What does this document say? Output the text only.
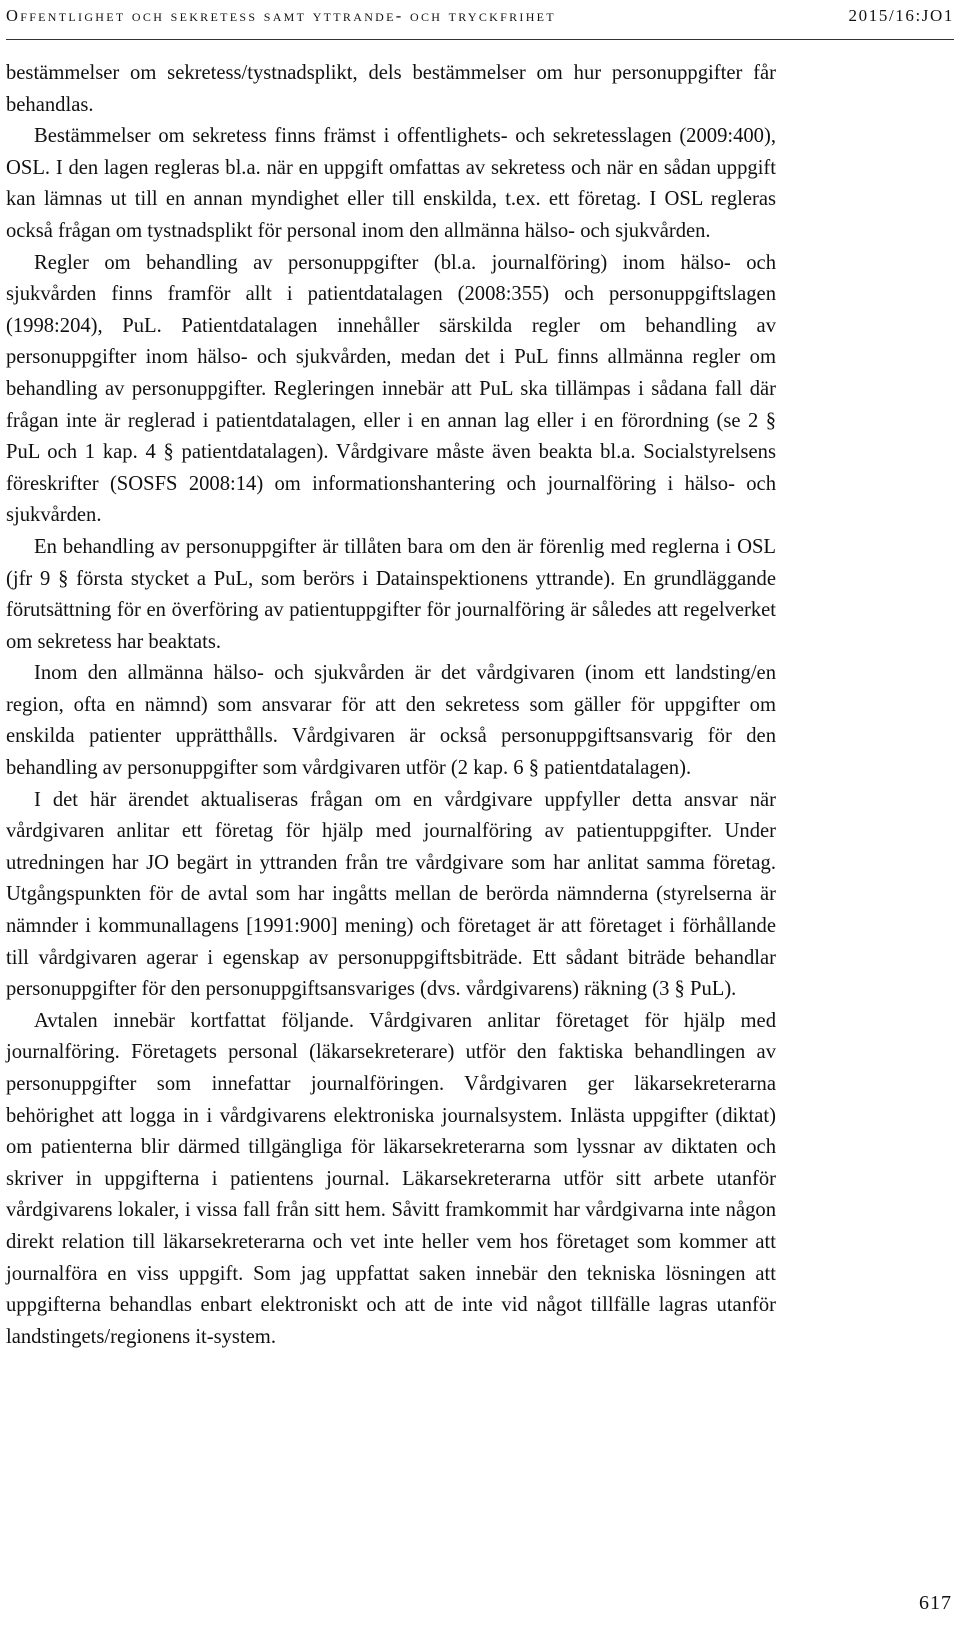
Offentlighet och sekretess samt yttrande- och tryckfrihet	2015/16:JO1

bestämmelser om sekretess/tystnadsplikt, dels bestämmelser om hur personuppgifter får behandlas.

Bestämmelser om sekretess finns främst i offentlighets- och sekretesslagen (2009:400), OSL. I den lagen regleras bl.a. när en uppgift omfattas av sekretess och när en sådan uppgift kan lämnas ut till en annan myndighet eller till enskilda, t.ex. ett företag. I OSL regleras också frågan om tystnadsplikt för personal inom den allmänna hälso- och sjukvården.

Regler om behandling av personuppgifter (bl.a. journalföring) inom hälso- och sjukvården finns framför allt i patientdatalagen (2008:355) och personuppgiftslagen (1998:204), PuL. Patientdatalagen innehåller särskilda regler om behandling av personuppgifter inom hälso- och sjukvården, medan det i PuL finns allmänna regler om behandling av personuppgifter. Regleringen innebär att PuL ska tillämpas i sådana fall där frågan inte är reglerad i patientdatalagen, eller i en annan lag eller i en förordning (se 2 § PuL och 1 kap. 4 § patientdatalagen). Vårdgivare måste även beakta bl.a. Socialstyrelsens föreskrifter (SOSFS 2008:14) om informationshantering och journalföring i hälso- och sjukvården.

En behandling av personuppgifter är tillåten bara om den är förenlig med reglerna i OSL (jfr 9 § första stycket a PuL, som berörs i Datainspektionens yttrande). En grundläggande förutsättning för en överföring av patientuppgifter för journalföring är således att regelverket om sekretess har beaktats.

Inom den allmänna hälso- och sjukvården är det vårdgivaren (inom ett landsting/en region, ofta en nämnd) som ansvarar för att den sekretess som gäller för uppgifter om enskilda patienter upprätthålls. Vårdgivaren är också personuppgiftsansvarig för den behandling av personuppgifter som vårdgivaren utför (2 kap. 6 § patientdatalagen).

I det här ärendet aktualiseras frågan om en vårdgivare uppfyller detta ansvar när vårdgivaren anlitar ett företag för hjälp med journalföring av patientuppgifter. Under utredningen har JO begärt in yttranden från tre vårdgivare som har anlitat samma företag. Utgångspunkten för de avtal som har ingåtts mellan de berörda nämnderna (styrelserna är nämnder i kommunallagens [1991:900] mening) och företaget är att företaget i förhållande till vårdgivaren agerar i egenskap av personuppgiftsbiträde. Ett sådant biträde behandlar personuppgifter för den personuppgiftsansvariges (dvs. vårdgivarens) räkning (3 § PuL).

Avtalen innebär kortfattat följande. Vårdgivaren anlitar företaget för hjälp med journalföring. Företagets personal (läkarsekreterare) utför den faktiska behandlingen av personuppgifter som innefattar journalföringen. Vårdgivaren ger läkarsekreterarna behörighet att logga in i vårdgivarens elektroniska journalsystem. Inlästa uppgifter (diktat) om patienterna blir därmed tillgängliga för läkarsekreterarna som lyssnar av diktaten och skriver in uppgifterna i patientens journal. Läkarsekreterarna utför sitt arbete utanför vårdgivarens lokaler, i vissa fall från sitt hem. Såvitt framkommit har vårdgivarna inte någon direkt relation till läkarsekreterarna och vet inte heller vem hos företaget som kommer att journalföra en viss uppgift. Som jag uppfattat saken innebär den tekniska lösningen att uppgifterna behandlas enbart elektroniskt och att de inte vid något tillfälle lagras utanför landstingets/regionens it-system.

617
